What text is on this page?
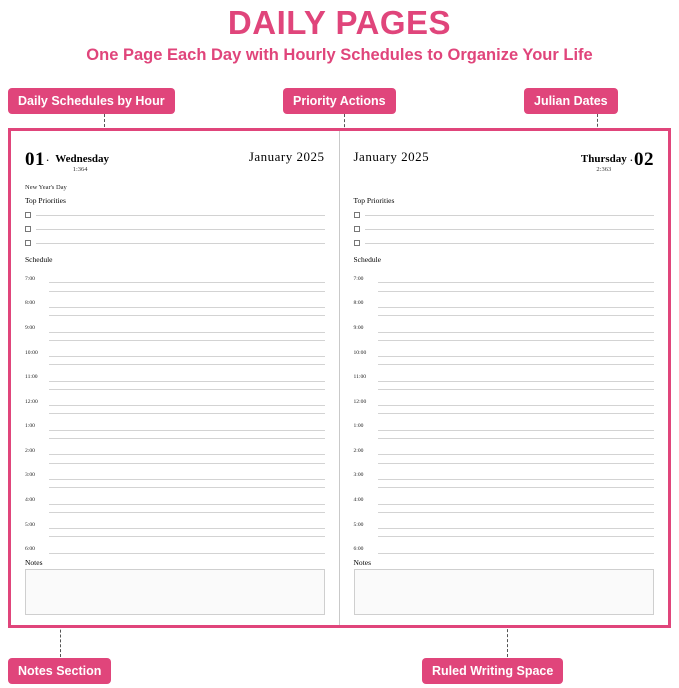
DAILY PAGES
One Page Each Day with Hourly Schedules to Organize Your Life
Daily Schedules by Hour	Priority Actions	Julian Dates
Notes Section	Ruled Writing Space
01 . Wednesday
1:364
January 2025
New Year's Day
Top Priorities
Schedule
7:00
8:00
9:00
10:00
11:00
12:00
1:00
2:00
3:00
4:00
5:00
6:00
Notes
January 2025	Thursday
2:363
. 02

Top Priorities
Schedule
7:00
8:00
9:00
10:00
11:00
12:00
1:00
2:00
3:00
4:00
5:00
6:00
Notes
